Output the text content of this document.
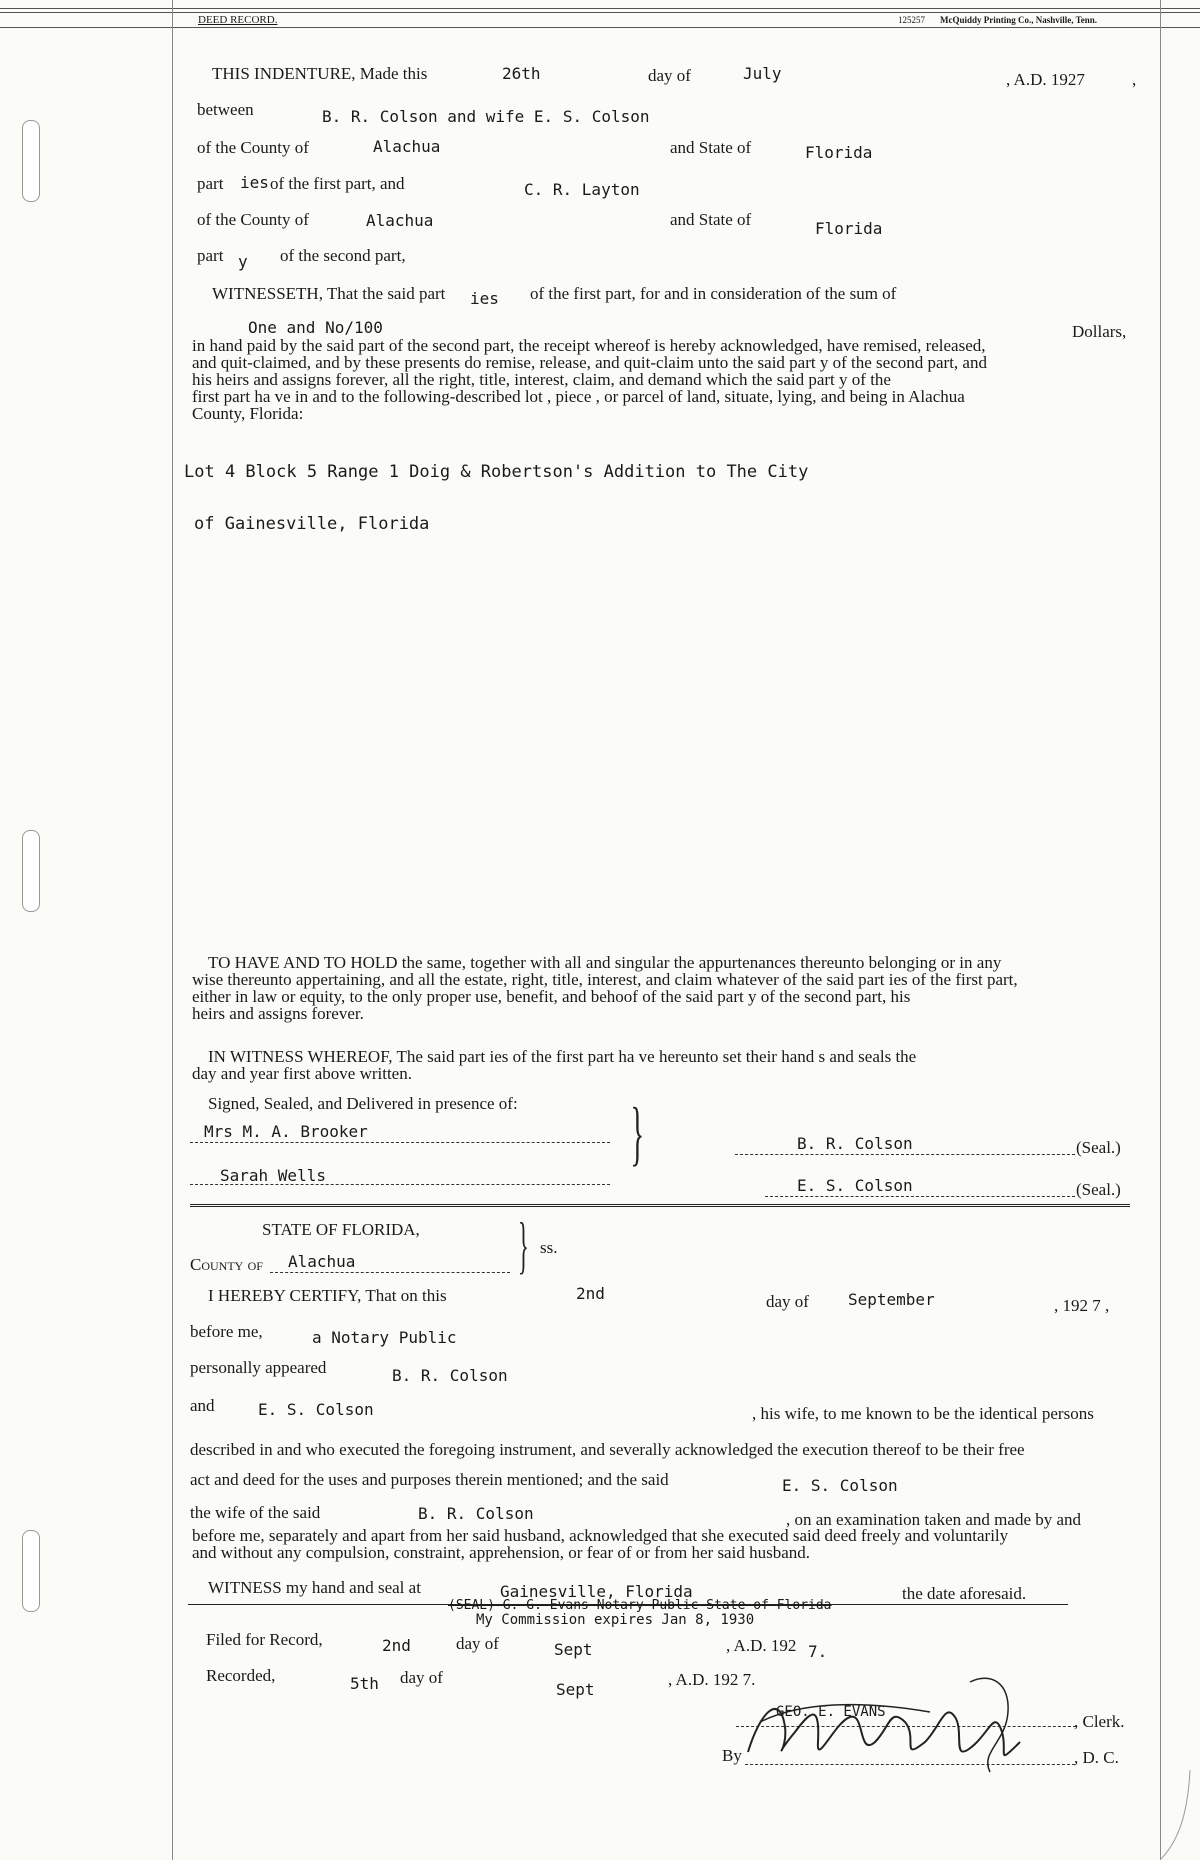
DEED RECORD.	125257 McQuiddy Printing Co., Nashville, Tenn.
THIS INDENTURE, Made this	26th	day of	July	, A.D. 1927	,
between	B. R. Colson and wife E. S. Colson
of the County of	Alachua	and State of	Florida
part ies of the first part, and	C. R. Layton
of the County of	Alachua	and State of	Florida
part y of the second part,
WITNESSETH, That the said part ies of the first part, for and in consideration of the sum of
One and No/100	Dollars,
in hand paid by the said part of the second part, the receipt whereof is hereby acknowledged, have remised, released,
and quit-claimed, and by these presents do remise, release, and quit-claim unto the said part y of the second part, and
his heirs and assigns forever, all the right, title, interest, claim, and demand which the said part y of the
first part ha ve in and to the following-described lot , piece , or parcel of land, situate, lying, and being in Alachua
County, Florida:
Lot 4 Block 5 Range 1 Doig & Robertson's Addition to The City
of Gainesville, Florida
TO HAVE AND TO HOLD the same, together with all and singular the appurtenances thereunto belonging or in any
wise thereunto appertaining, and all the estate, right, title, interest, and claim whatever of the said part ies of the first part,
either in law or equity, to the only proper use, benefit, and behoof of the said part y of the second part, his
heirs and assigns forever.
IN WITNESS WHEREOF, The said part ies of the first part ha ve hereunto set their hand s and seals the
day and year first above written.
Signed, Sealed, and Delivered in presence of:
Mrs M. A. Brooker
Sarah Wells
}	B. R. Colson	(Seal.)
E. S. Colson	(Seal.)
STATE OF FLORIDA,
County of Alachua	} ss.
I HEREBY CERTIFY, That on this	2nd	day of September	, 192 7 ,
before me,	a Notary Public
personally appeared	B. R. Colson
and	E. S. Colson	, his wife, to me known to be the identical persons
described in and who executed the foregoing instrument, and severally acknowledged the execution thereof to be their free
act and deed for the uses and purposes therein mentioned; and the said	E. S. Colson
the wife of the said	B. R. Colson	, on an examination taken and made by and
before me, separately and apart from her said husband, acknowledged that she executed said deed freely and voluntarily
and without any compulsion, constraint, apprehension, or fear of or from her said husband.
WITNESS my hand and seal at	Gainesville, Florida	the date aforesaid.
(SEAL) G. G. Evans Notary Public State of Florida
My Commission expires Jan 8, 1930
Filed for Record,	2nd	day of	Sept	, A.D. 192 7.
Recorded,	5th day of
Sept
, A.D. 192 7.
GEO. E. EVANS	, Clerk.
By	, D. C.
